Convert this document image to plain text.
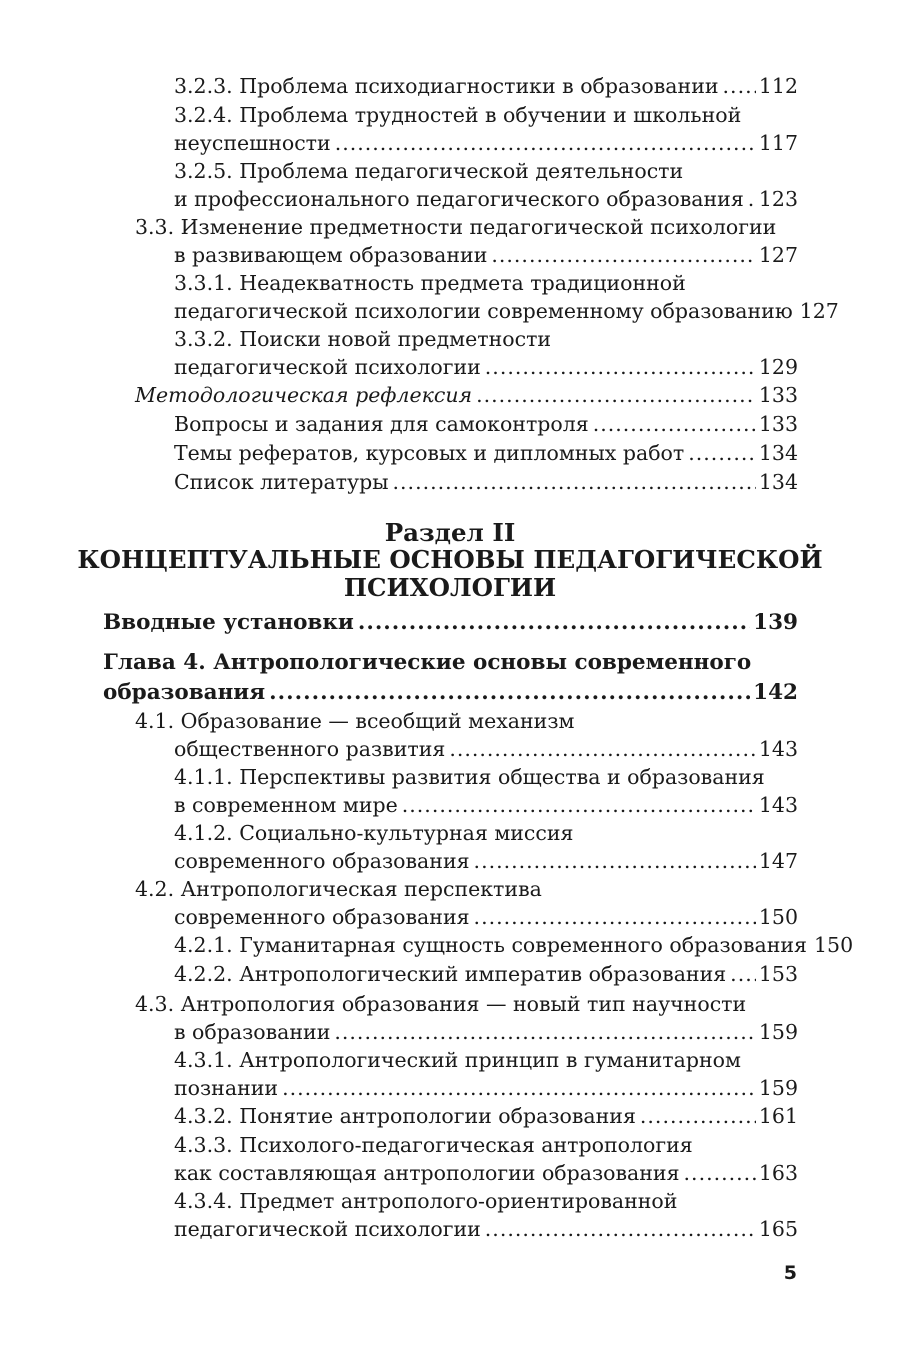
3.2.3. Проблема психодиагностики в образовании ..... 112
3.2.4. Проблема трудностей в обучении и школьной
неуспешности .....	117
3.2.5. Проблема педагогической деятельности
и профессионального педагогического образования ..... 123
3.3. Изменение предметности педагогической психологии
в развивающем образовании .....	127
3.3.1. Неадекватность предмета традиционной
педагогической психологии современному образованию 127
3.3.2. Поиски новой предметности
педагогической психологии .....	129
Методологическая рефлексия .....	133
Вопросы и задания для самоконтроля .....	133
Темы рефератов, курсовых и дипломных работ .....	134
Список литературы .....	134
Раздел II
КОНЦЕПТУАЛЬНЫЕ ОСНОВЫ ПЕДАГОГИЧЕСКОЙ
ПСИХОЛОГИИ
Вводные установки .....	139
Глава 4. Антропологические основы современного
образования .....	142
4.1. Образование — всеобщий механизм
общественного развития .....	143
4.1.1. Перспективы развития общества и образования
в современном мире .....	143
4.1.2. Социально-культурная миссия
современного образования .....	147
4.2. Антропологическая перспектива
современного образования .....	150
4.2.1. Гуманитарная сущность современного образования 150
4.2.2. Антропологический императив образования ..... 153
4.3. Антропология образования — новый тип научности
в образовании .....	159
4.3.1. Антропологический принцип в гуманитарном
познании .....	159
4.3.2. Понятие антропологии образования .....	161
4.3.3. Психолого-педагогическая антропология
как составляющая антропологии образования .....	163
4.3.4. Предмет антрополого-ориентированной
педагогической психологии .....	165
5
